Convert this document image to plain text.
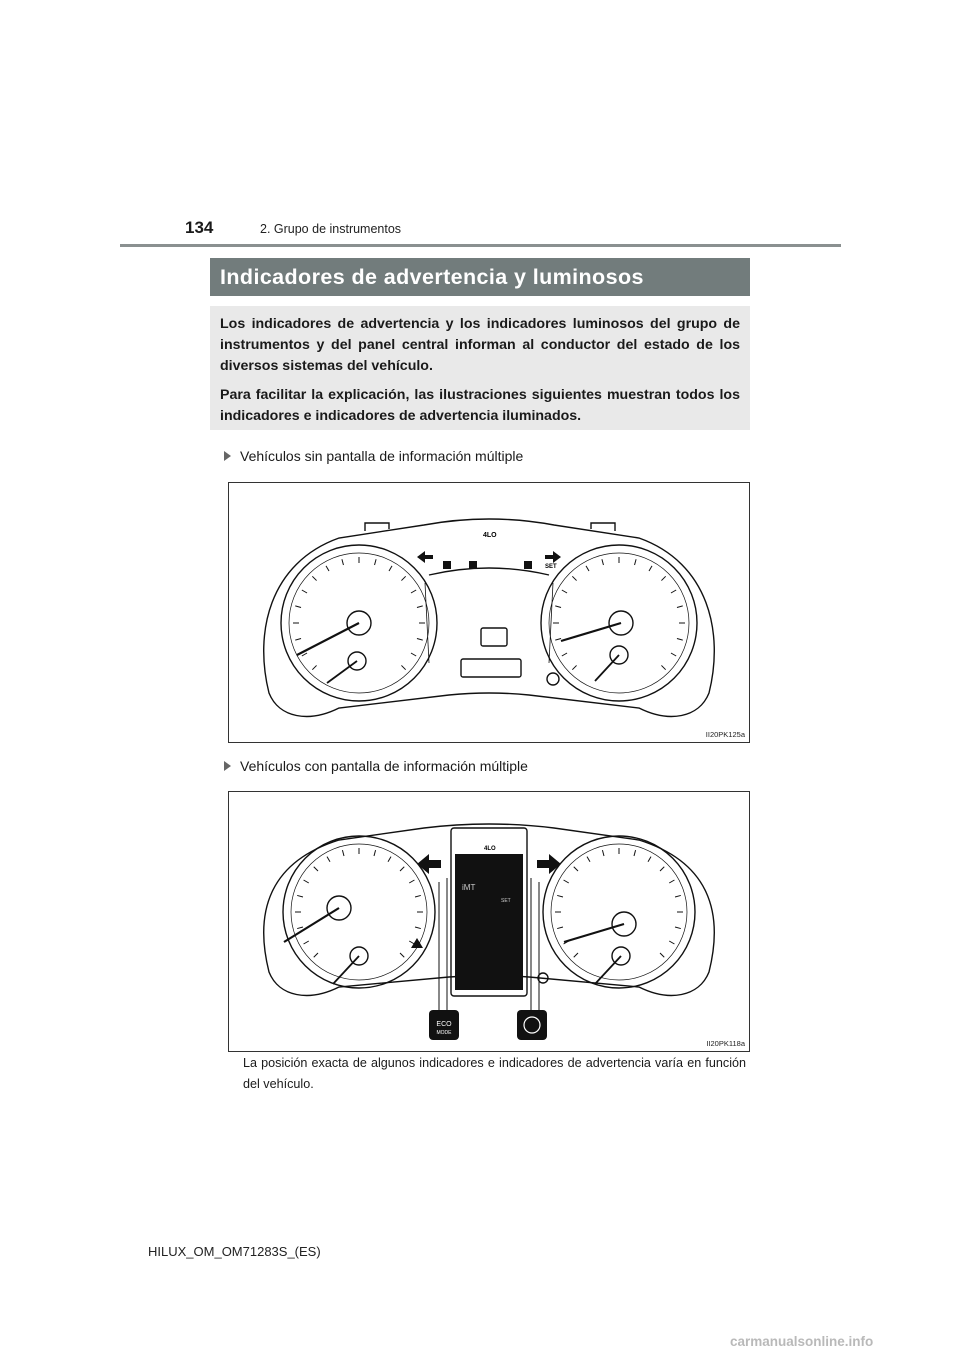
134	2. Grupo de instrumentos
Indicadores de advertencia y luminosos

Los indicadores de advertencia y los indicadores luminosos del grupo de instrumentos y del panel central informan al conductor del estado de los diversos sistemas del vehículo.

Para facilitar la explicación, las ilustraciones siguientes muestran todos los indicadores e indicadores de advertencia iluminados.

Vehículos sin pantalla de información múltiple
4LO
SET
II20PK125a
Vehículos con pantalla de información múltiple
4LO
iMT
SET
ECO
MODE
II20PK118a
La posición exacta de algunos indicadores e indicadores de advertencia varía en función del vehículo.
HILUX_OM_OM71283S_(ES)
carmanualsonline.info
